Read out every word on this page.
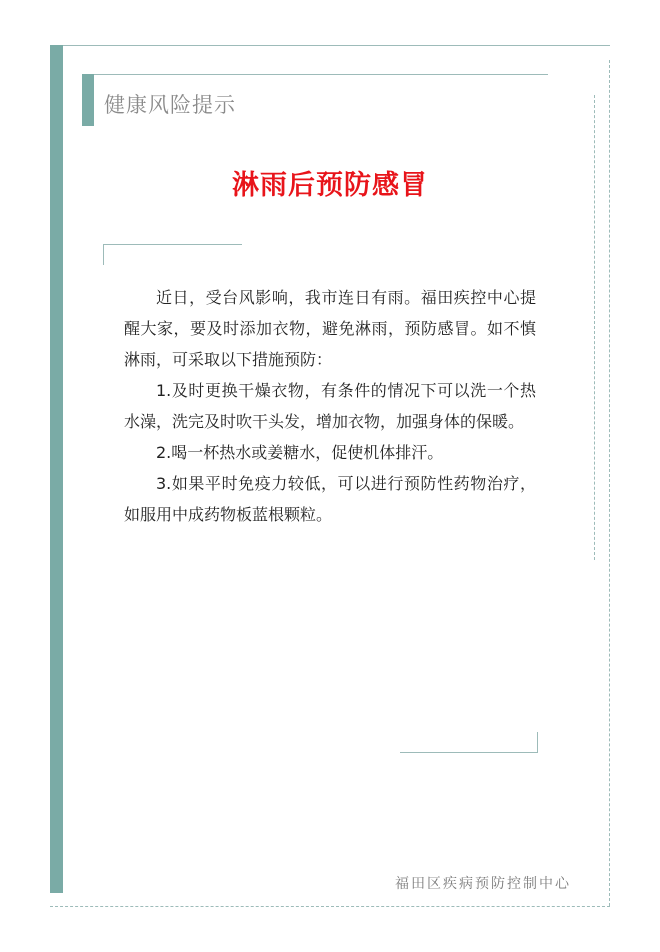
健康风险提示
淋雨后预防感冒

近日，受台风影响，我市连日有雨。福田疾控中心提醒大家，要及时添加衣物，避免淋雨，预防感冒。如不慎淋雨，可采取以下措施预防：

1.及时更换干燥衣物，有条件的情况下可以洗一个热水澡，洗完及时吹干头发，增加衣物，加强身体的保暖。

2.喝一杯热水或姜糖水，促使机体排汗。

3.如果平时免疫力较低，可以进行预防性药物治疗，如服用中成药物板蓝根颗粒。

福田区疾病预防控制中心
